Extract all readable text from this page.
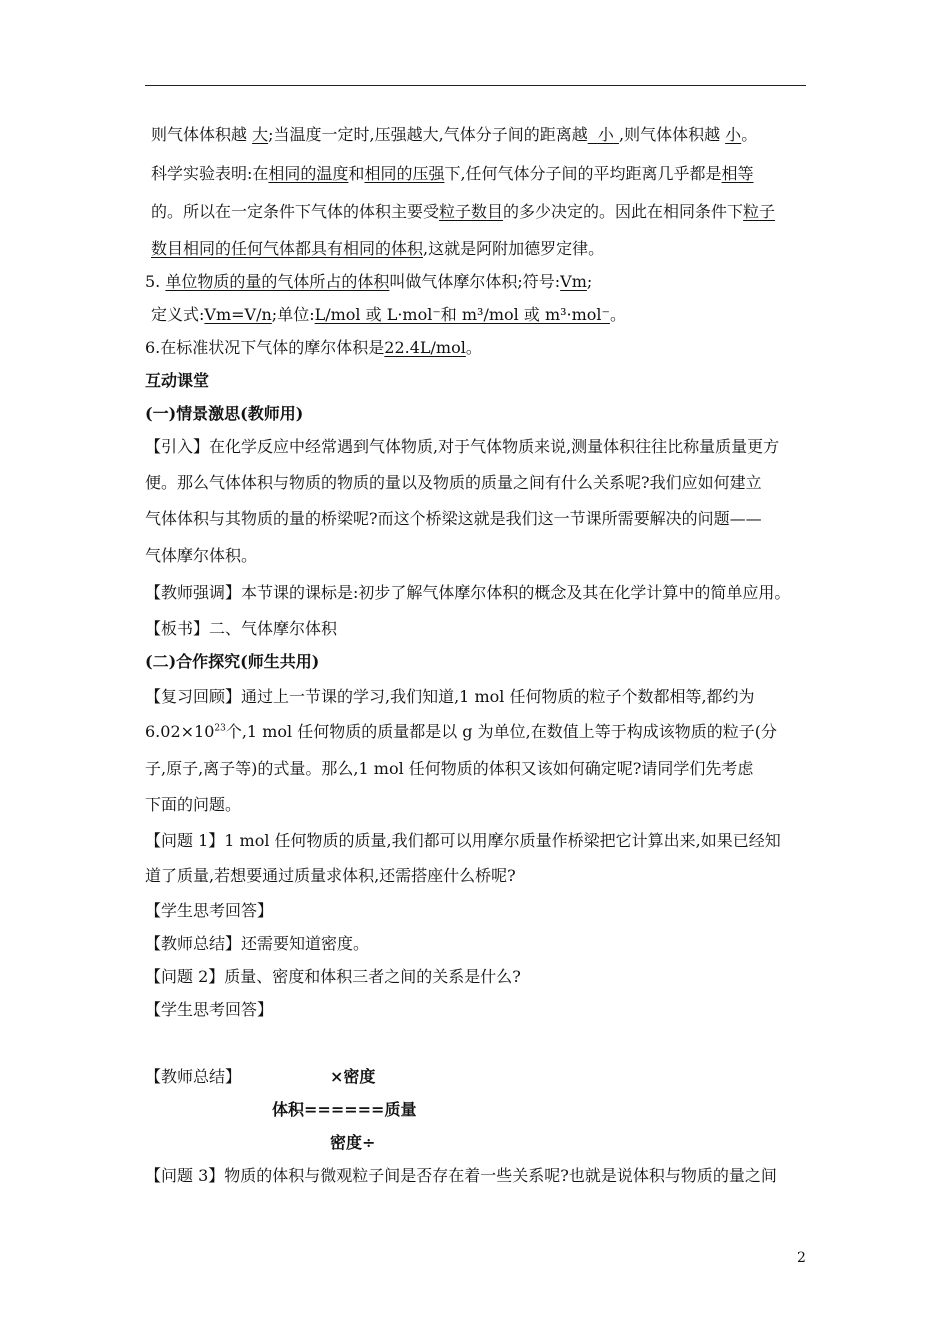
则气体体积越 大;当温度一定时,压强越大,气体分子间的距离越 小 ,则气体体积越 小。
科学实验表明:在相同的温度和相同的压强下,任何气体分子间的平均距离几乎都是相等
的。所以在一定条件下气体的体积主要受粒子数目的多少决定的。因此在相同条件下粒子
数目相同的任何气体都具有相同的体积,这就是阿附加德罗定律。
5. 单位物质的量的气体所占的体积叫做气体摩尔体积;符号:Vm;
定义式:Vm=V/n;单位:L/mol 或 L·mol⁻和 m³/mol 或 m³·mol⁻。
6.在标准状况下气体的摩尔体积是22.4L/mol。
互动课堂
(一)情景激思(教师用)
【引入】在化学反应中经常遇到气体物质,对于气体物质来说,测量体积往往比称量质量更方
便。那么气体体积与物质的物质的量以及物质的质量之间有什么关系呢?我们应如何建立
气体体积与其物质的量的桥梁呢?而这个桥梁这就是我们这一节课所需要解决的问题——
气体摩尔体积。
【教师强调】本节课的课标是:初步了解气体摩尔体积的概念及其在化学计算中的简单应用。
【板书】二、气体摩尔体积
(二)合作探究(师生共用)
【复习回顾】通过上一节课的学习,我们知道,1 mol 任何物质的粒子个数都相等,都约为
$6.02\times 10^{23}$个,1 mol 任何物质的质量都是以 g 为单位,在数值上等于构成该物质的粒子(分
子,原子,离子等)的式量。那么,1 mol 任何物质的体积又该如何确定呢?请同学们先考虑
下面的问题。
【问题 1】1 mol 任何物质的质量,我们都可以用摩尔质量作桥梁把它计算出来,如果已经知
道了质量,若想要通过质量求体积,还需搭座什么桥呢?
【学生思考回答】
【教师总结】还需要知道密度。
【问题 2】质量、密度和体积三者之间的关系是什么?
【学生思考回答】
【教师总结】	×密度
体积======质量
密度÷
【问题 3】物质的体积与微观粒子间是否存在着一些关系呢?也就是说体积与物质的量之间
2
